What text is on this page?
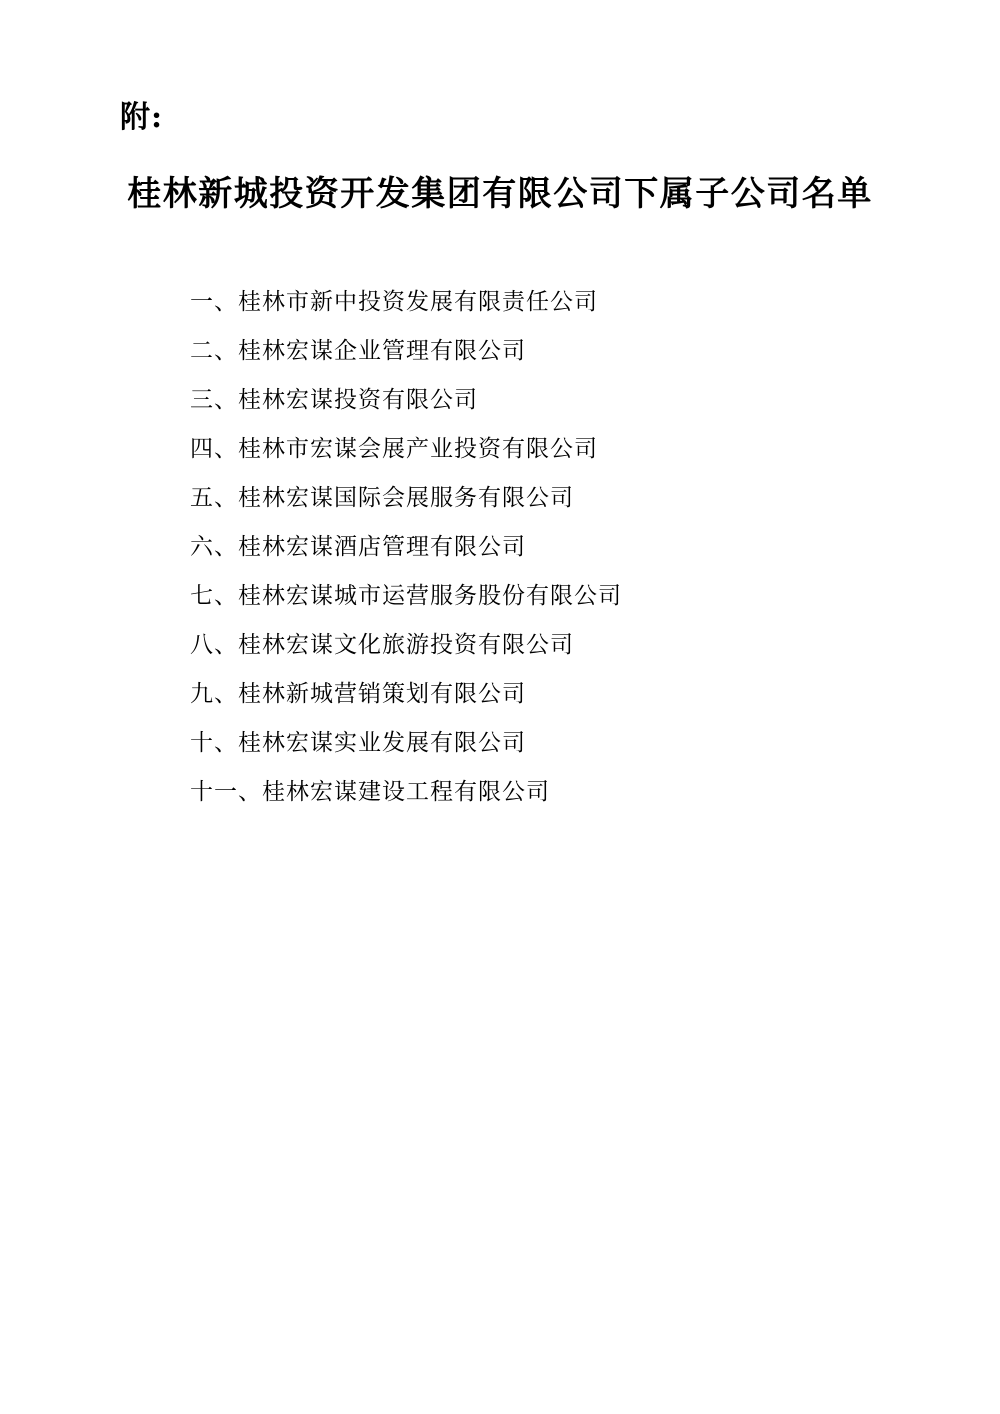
附:
桂林新城投资开发集团有限公司下属子公司名单
一、桂林市新中投资发展有限责任公司
二、桂林宏谋企业管理有限公司
三、桂林宏谋投资有限公司
四、桂林市宏谋会展产业投资有限公司
五、桂林宏谋国际会展服务有限公司
六、桂林宏谋酒店管理有限公司
七、桂林宏谋城市运营服务股份有限公司
八、桂林宏谋文化旅游投资有限公司
九、桂林新城营销策划有限公司
十、桂林宏谋实业发展有限公司
十一、桂林宏谋建设工程有限公司
